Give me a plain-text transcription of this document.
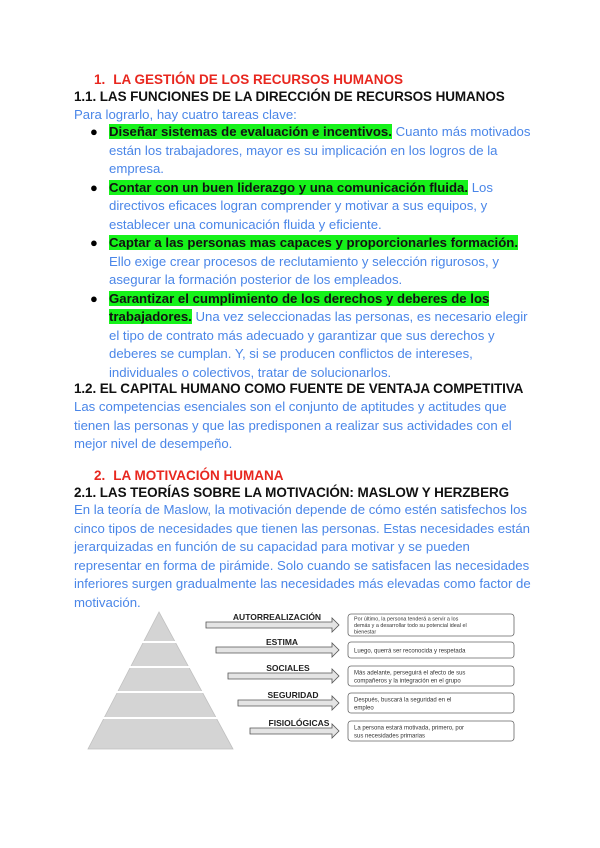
1. LA GESTIÓN DE LOS RECURSOS HUMANOS
1.1. LAS FUNCIONES DE LA DIRECCIÓN DE RECURSOS HUMANOS
Para lograrlo, hay cuatro tareas clave:
● Diseñar sistemas de evaluación e incentivos. Cuanto más motivados están los trabajadores, mayor es su implicación en los logros de la empresa.
● Contar con un buen liderazgo y una comunicación fluida. Los directivos eficaces logran comprender y motivar a sus equipos, y establecer una comunicación fluida y eficiente.
● Captar a las personas mas capaces y proporcionarles formación. Ello exige crear procesos de reclutamiento y selección rigurosos, y asegurar la formación posterior de los empleados.
● Garantizar el cumplimiento de los derechos y deberes de los trabajadores. Una vez seleccionadas las personas, es necesario elegir el tipo de contrato más adecuado y garantizar que sus derechos y deberes se cumplan. Y, si se producen conflictos de intereses, individuales o colectivos, tratar de solucionarlos.
1.2. EL CAPITAL HUMANO COMO FUENTE DE VENTAJA COMPETITIVA
Las competencias esenciales son el conjunto de aptitudes y actitudes que tienen las personas y que las predisponen a realizar sus actividades con el mejor nivel de desempeño.
2. LA MOTIVACIÓN HUMANA
2.1. LAS TEORÍAS SOBRE LA MOTIVACIÓN: MASLOW Y HERZBERG
En la teoría de Maslow, la motivación depende de cómo estén satisfechos los cinco tipos de necesidades que tienen las personas. Estas necesidades están jerarquizadas en función de su capacidad para motivar y se pueden representar en forma de pirámide. Solo cuando se satisfacen las necesidades inferiores surgen gradualmente las necesidades más elevadas como factor de motivación.
AUTORREALIZACIÓN
ESTIMA
SOCIALES
SEGURIDAD
FISIOLÓGICAS
Por último, la persona tenderá a servir a los
demás y a desarrollar todo su potencial ideal el
bienestar
Luego, querrá ser reconocida y respetada
Más adelante, perseguirá el afecto de sus
compañeros y la integración en el grupo
Después, buscará la seguridad en el
empleo
La persona estará motivada, primero, por
sus necesidades primarias
